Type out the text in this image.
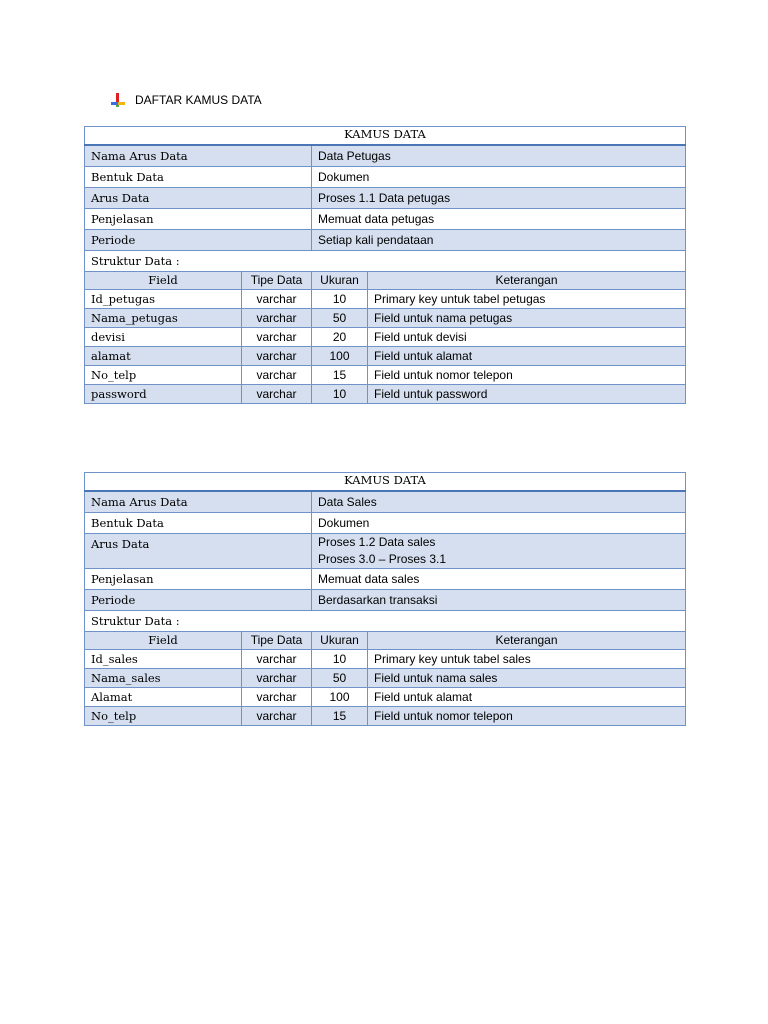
DAFTAR KAMUS DATA
KAMUS DATA			
Nama Arus Data		Data Petugas	

Bentuk Data		Dokumen	

Arus Data		Proses 1.1 Data petugas	

Penjelasan		Memuat data petugas	

Periode		Setiap kali pendataan	

Struktur Data :			
Field	Tipe Data	Ukuran	Keterangan
Id_petugas	varchar	10	Primary key untuk tabel petugas
Nama_petugas	varchar	50	Field untuk nama petugas
devisi	varchar	20	Field untuk devisi
alamat	varchar	100	Field untuk alamat
No_telp	varchar	15	Field untuk nomor telepon
password	varchar	10	Field untuk password
KAMUS DATA			
Nama Arus Data		Data Sales	

Bentuk Data		Dokumen	

Arus Data		Proses 1.2 Data sales
Proses 3.0 – Proses 3.1	

Penjelasan		Memuat data sales	

Periode		Berdasarkan transaksi	

Struktur Data :			
Field	Tipe Data	Ukuran	Keterangan
Id_sales	varchar	10	Primary key untuk tabel sales
Nama_sales	varchar	50	Field untuk nama sales
Alamat	varchar	100	Field untuk alamat
No_telp	varchar	15	Field untuk nomor telepon
